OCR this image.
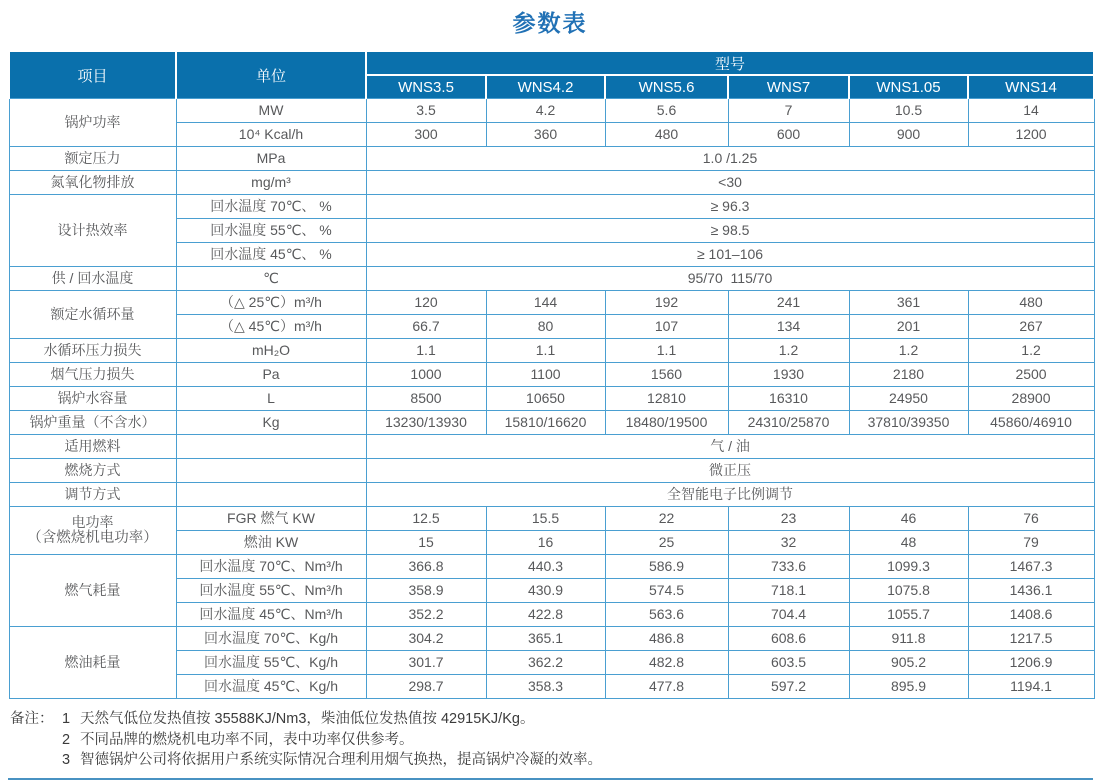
参数表
项目	单位	型号					
		WNS3.5	WNS4.2	WNS5.6	WNS7	WNS1.05	WNS14
锅炉功率	MW	3.5	4.2	5.6	7	10.5	14
	10⁴ Kcal/h	300	360	480	600	900	1200
额定压力	MPa	1.0 /1.25					
氮氧化物排放	mg/m³	<30					
设计热效率	回水温度 70℃、 %	≥ 96.3					
	回水温度 55℃、 %	≥ 98.5					
	回水温度 45℃、 %	≥ 101–106					
供 / 回水温度	℃	95/70  115/70					
额定水循环量	（△ 25℃）m³/h	120	144	192	241	361	480
	（△ 45℃）m³/h	66.7	80	107	134	201	267
水循环压力损失	mH₂O	1.1	1.1	1.1	1.2	1.2	1.2
烟气压力损失	Pa	1000	1100	1560	1930	2180	2500
锅炉水容量	L	8500	10650	12810	16310	24950	28900
锅炉重量（不含水）	Kg	13230/13930	15810/16620	18480/19500	24310/25870	37810/39350	45860/46910
适用燃料		气 / 油					
燃烧方式		微正压					
调节方式		全智能电子比例调节					

电功率
（含燃烧机电功率）	FGR 燃气 KW	12.5	15.5	22	23	46	76
	燃油 KW	15	16	25	32	48	79
燃气耗量	回水温度 70℃、Nm³/h	366.8	440.3	586.9	733.6	1099.3	1467.3
	回水温度 55℃、Nm³/h	358.9	430.9	574.5	718.1	1075.8	1436.1
	回水温度 45℃、Nm³/h	352.2	422.8	563.6	704.4	1055.7	1408.6
燃油耗量	回水温度 70℃、Kg/h	304.2	365.1	486.8	608.6	911.8	1217.5
	回水温度 55℃、Kg/h	301.7	362.2	482.8	603.5	905.2	1206.9
	回水温度 45℃、Kg/h	298.7	358.3	477.8	597.2	895.9	1194.1
备注： 1 天然气低位发热值按 35588KJ/Nm3，柴油低位发热值按 42915KJ/Kg。
2 不同品牌的燃烧机电功率不同，表中功率仅供参考。
3 智德锅炉公司将依据用户系统实际情况合理利用烟气换热，提高锅炉冷凝的效率。
